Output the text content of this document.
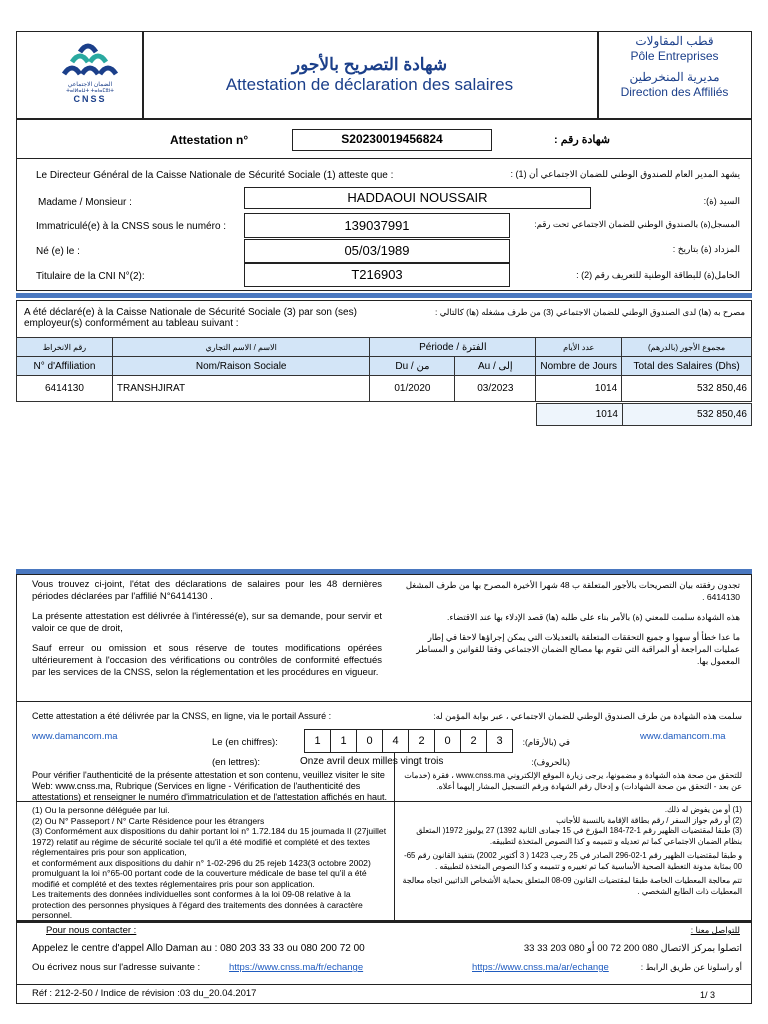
الضمان الاجتماعي
ⵜⴰⵏⵍⴰⵡⵜ ⵜⴰⵏⴰⵎⵓⵏⵜ
CNSS
شهادة التصريح بالأجور
Attestation de déclaration des salaires
قطب المقاولات
Pôle Entreprises
مديرية المنخرطين
Direction des Affiliés
Attestation n°	S20230019456824	شهادة رقم :
Le Directeur Général de la Caisse Nationale de Sécurité Sociale (1) atteste que :	يشهد المدير العام للصندوق الوطني للضمان الاجتماعي أن (1) :
Madame / Monsieur :	HADDAOUI NOUSSAIR	السيد (ة):
Immatriculé(e) à la CNSS sous le numéro :	139037991	المسجل(ة) بالصندوق الوطني للضمان الاجتماعي تحت رقم:
Né (e) le :	05/03/1989	المزداد (ة) بتاريخ :
Titulaire de la CNI N°(2):	T216903	الحامل(ة) للبطاقة الوطنية للتعريف رقم (2) :
A été déclaré(e) à la Caisse Nationale de Sécurité Sociale (3) par son (ses) employeur(s) conformément au tableau suivant :
مصرح به (ها) لدى الصندوق الوطني للضمان الاجتماعي (3) من طرف مشغله (ها) كالتالي :
رقم الانخراط	الاسم / الاسم التجاري	Période / الفترة		عدد الأيام	مجموع الأجور (بالدرهم)
N° d'Affiliation	Nom/Raison Sociale	Du / من	Au / إلى	Nombre de Jours	Total des Salaires (Dhs)
6414130	TRANSHJIRAT	01/2020	03/2023	1014	532 850,46
1014	532 850,46

Vous trouvez ci-joint, l'état des déclarations de salaires pour les 48 dernières périodes déclarées par l'affilié N°6414130 .

La présente attestation est délivrée à l'intéressé(e), sur sa demande, pour servir et valoir ce que de droit,

Sauf erreur ou omission et sous réserve de toutes modifications opérées ultérieurement à l'occasion des vérifications ou contrôles de conformité effectués par les services de la CNSS, selon la réglementation et les procédures en vigueur.

تجدون رفقته بيان التصريحات بالأجور المتعلقة ب 48 شهرا الأخيرة المصرح بها من طرف المشغل 6414130 .

هذه الشهادة سلمت للمعني (ة) بالأمر بناء على طلبه (ها) قصد الإدلاء بها عند الاقتضاء.

ما عدا خطأ أو سهوا و جميع التحققات المتعلقة بالتعديلات التي يمكن إجراؤها لاحقا في إطار عمليات المراجعة أو المراقبة التي تقوم بها مصالح الضمان الاجتماعي وفقا للقوانين و المساطر المعمول بها.

Cette attestation a été délivrée par la CNSS, en ligne, via le portail Assuré :	سلمت هذه الشهادة من طرف الصندوق الوطني للضمان الاجتماعي ، عبر بوابة المؤمن له:
www.damancom.ma	www.damancom.ma
Le (en chiffres):	1	1	0	4	2	0	2	3	في (بالأرقام):
(en lettres):	Onze avril deux milles vingt trois	(بالحروف):
Pour vérifier l'authenticité de la présente attestation et son contenu, veuillez visiter le site Web: www.cnss.ma, Rubrique (Services en ligne - Vérification de l'authenticité des attestations) et renseigner le numéro d'immatriculation et de l'attestation affichés en haut.
للتحقق من صحة هذه الشهادة و مضمونها، يرجى زيارة الموقع الإلكتروني www.cnss.ma ، فقرة (خدمات عن بعد - التحقق من صحة الشهادات) و إدخال رقم الشهادة ورقم التسجيل المشار إليهما أعلاه.
(1) Ou la personne déléguée par lui.
(2) Ou N° Passeport / N° Carte Résidence pour les étrangers
(3) Conformément aux dispositions du dahir portant loi n° 1.72.184 du 15 joumada II (27juillet 1972) relatif au régime de sécurité sociale tel qu'il a été modifié et complété et des textes réglementaires pris pour son application,
et conformément aux dispositions du dahir n° 1-02-296 du 25 rejeb 1423(3 octobre 2002) promulguant la loi n°65-00 portant code de la couverture médicale de base tel qu'il a été modifié et complété et des textes réglementaires pris pour son application.
Les traitements des données individuelles sont conformes à la loi 09-08 relative à la protection des personnes physiques à l'égard des traitements des données à caractère personnel.
(1) أو من يفوض له ذلك.
(2) أو رقم جواز السفر / رقم بطاقة الإقامة بالنسبة للأجانب
(3) طبقا لمقتضيات الظهير رقم 1-72-184 المؤرخ في 15 جمادى الثانية 1392) 27 يوليوز 1972( المتعلق بنظام الضمان الاجتماعي كما تم تعديله و تتميمه و كذا النصوص المتخذة لتطبيقه.
و طبقا لمقتضيات الظهير رقم 1-02-296 الصادر في 25 رجب 1423 ( 3 أكتوبر 2002) بتنفيذ القانون رقم 65-00 بمثابة مدونة التغطية الصحية الأساسية كما تم تغييره و تتميمه و كذا النصوص المتخذة لتطبيقه .
تتم معالجة المعطيات الخاصة طبقا لمقتضيات القانون 09-08 المتعلق بحماية الأشخاص الذاتيين اتجاه معالجة المعطيات ذات الطابع الشخصي .
Pour nous contacter :	للتواصل معنا :
Appelez le centre d'appel Allo Daman au : 080 203 33 33 ou 080 200 72 00	اتصلوا بمركز الاتصال 080 200 72 00 أو 080 203 33 33
Ou écrivez nous sur l'adresse suivante :	https://www.cnss.ma/fr/echange	https://www.cnss.ma/ar/echange	أو راسلونا عن طريق الرابط :
Réf : 212-2-50 / Indice de révision :03 du_20.04.2017	1/ 3
